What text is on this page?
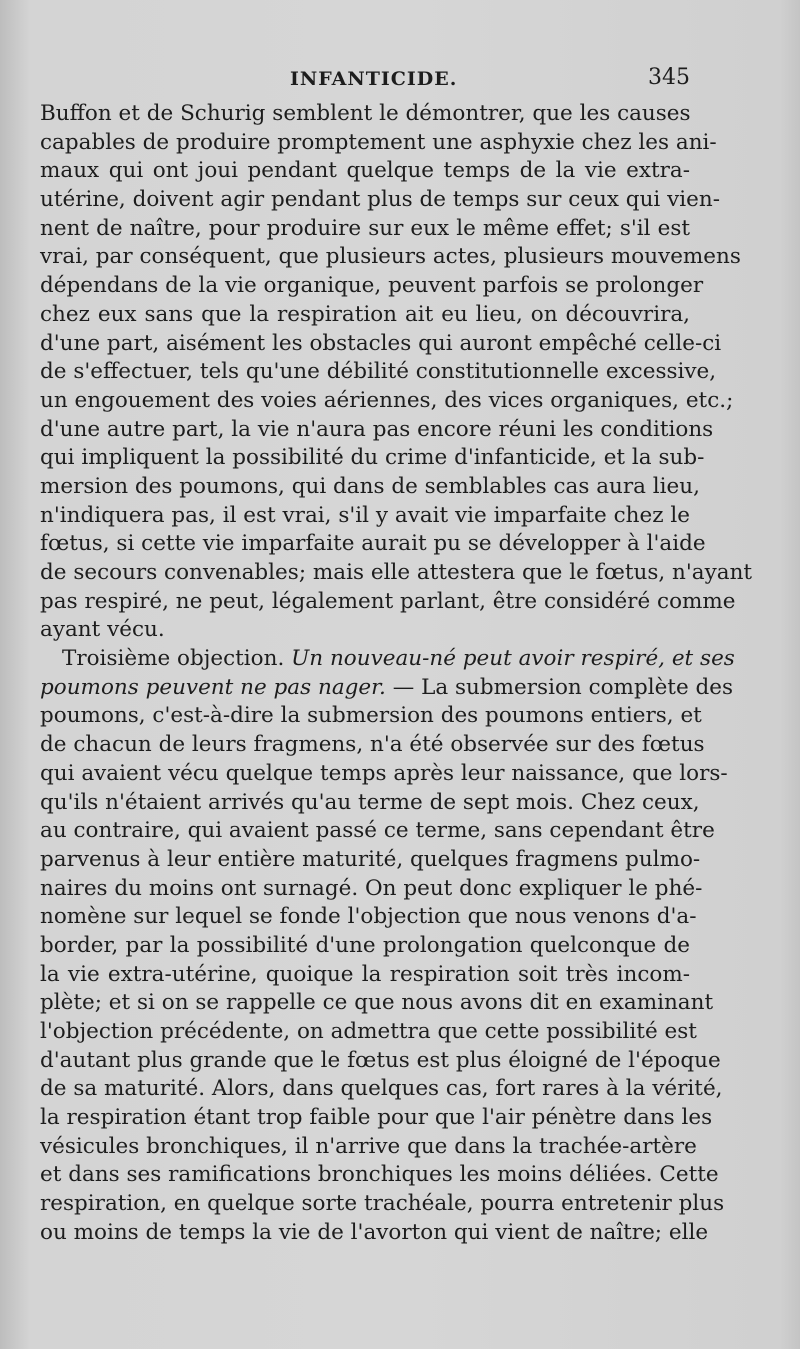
INFANTICIDE.	345
Buffon et de Schurig semblent le démontrer, que les causes
capables de produire promptement une asphyxie chez les ani-
maux qui ont joui pendant quelque temps de la vie extra-
utérine, doivent agir pendant plus de temps sur ceux qui vien-
nent de naître, pour produire sur eux le même effet; s'il est
vrai, par conséquent, que plusieurs actes, plusieurs mouvemens
dépendans de la vie organique, peuvent parfois se prolonger
chez eux sans que la respiration ait eu lieu, on découvrira,
d'une part, aisément les obstacles qui auront empêché celle-ci
de s'effectuer, tels qu'une débilité constitutionnelle excessive,
un engouement des voies aériennes, des vices organiques, etc.;
d'une autre part, la vie n'aura pas encore réuni les conditions
qui impliquent la possibilité du crime d'infanticide, et la sub-
mersion des poumons, qui dans de semblables cas aura lieu,
n'indiquera pas, il est vrai, s'il y avait vie imparfaite chez le
fœtus, si cette vie imparfaite aurait pu se développer à l'aide
de secours convenables; mais elle attestera que le fœtus, n'ayant
pas respiré, ne peut, légalement parlant, être considéré comme
ayant vécu.
Troisième objection. Un nouveau-né peut avoir respiré, et ses
poumons peuvent ne pas nager. — La submersion complète des
poumons, c'est-à-dire la submersion des poumons entiers, et
de chacun de leurs fragmens, n'a été observée sur des fœtus
qui avaient vécu quelque temps après leur naissance, que lors-
qu'ils n'étaient arrivés qu'au terme de sept mois. Chez ceux,
au contraire, qui avaient passé ce terme, sans cependant être
parvenus à leur entière maturité, quelques fragmens pulmo-
naires du moins ont surnagé. On peut donc expliquer le phé-
nomène sur lequel se fonde l'objection que nous venons d'a-
border, par la possibilité d'une prolongation quelconque de
la vie extra-utérine, quoique la respiration soit très incom-
plète; et si on se rappelle ce que nous avons dit en examinant
l'objection précédente, on admettra que cette possibilité est
d'autant plus grande que le fœtus est plus éloigné de l'époque
de sa maturité. Alors, dans quelques cas, fort rares à la vérité,
la respiration étant trop faible pour que l'air pénètre dans les
vésicules bronchiques, il n'arrive que dans la trachée-artère
et dans ses ramifications bronchiques les moins déliées. Cette
respiration, en quelque sorte trachéale, pourra entretenir plus
ou moins de temps la vie de l'avorton qui vient de naître; elle
